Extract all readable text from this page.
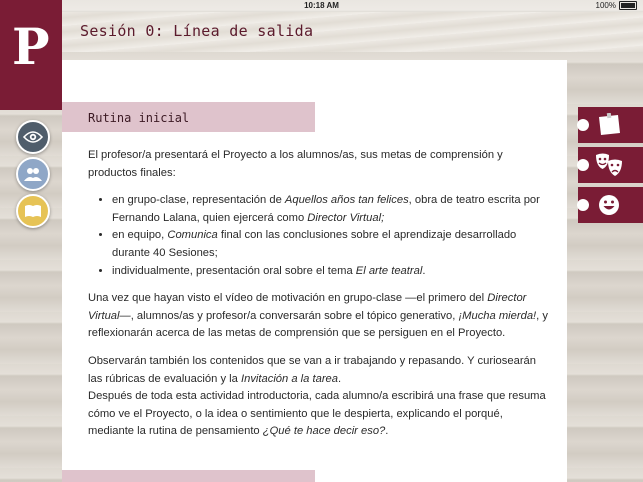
10:18 AM	100%
P Sesión 0: Línea de salida
Rutina inicial

El profesor/a presentará el Proyecto a los alumnos/as, sus metas de comprensión y productos finales:

• en grupo-clase, representación de Aquellos años tan felices, obra de teatro escrita por Fernando Lalana, quien ejercerá como Director Virtual;
• en equipo, Comunica final con las conclusiones sobre el aprendizaje desarrollado durante 40 Sesiones;
• individualmente, presentación oral sobre el tema El arte teatral.

Una vez que hayan visto el vídeo de motivación en grupo-clase —el primero del Director Virtual—, alumnos/as y profesor/a conversarán sobre el tópico generativo, ¡Mucha mierda!, y reflexionarán acerca de las metas de comprensión que se persiguen en el Proyecto.

Observarán también los contenidos que se van a ir trabajando y repasando. Y curiosearán las rúbricas de evaluación y la Invitación a la tarea.

Después de toda esta actividad introductoria, cada alumno/a escribirá una frase que resuma cómo ve el Proyecto, o la idea o sentimiento que le despierta, explicando el porqué, mediante la rutina de pensamiento ¿Qué te hace decir eso?.
